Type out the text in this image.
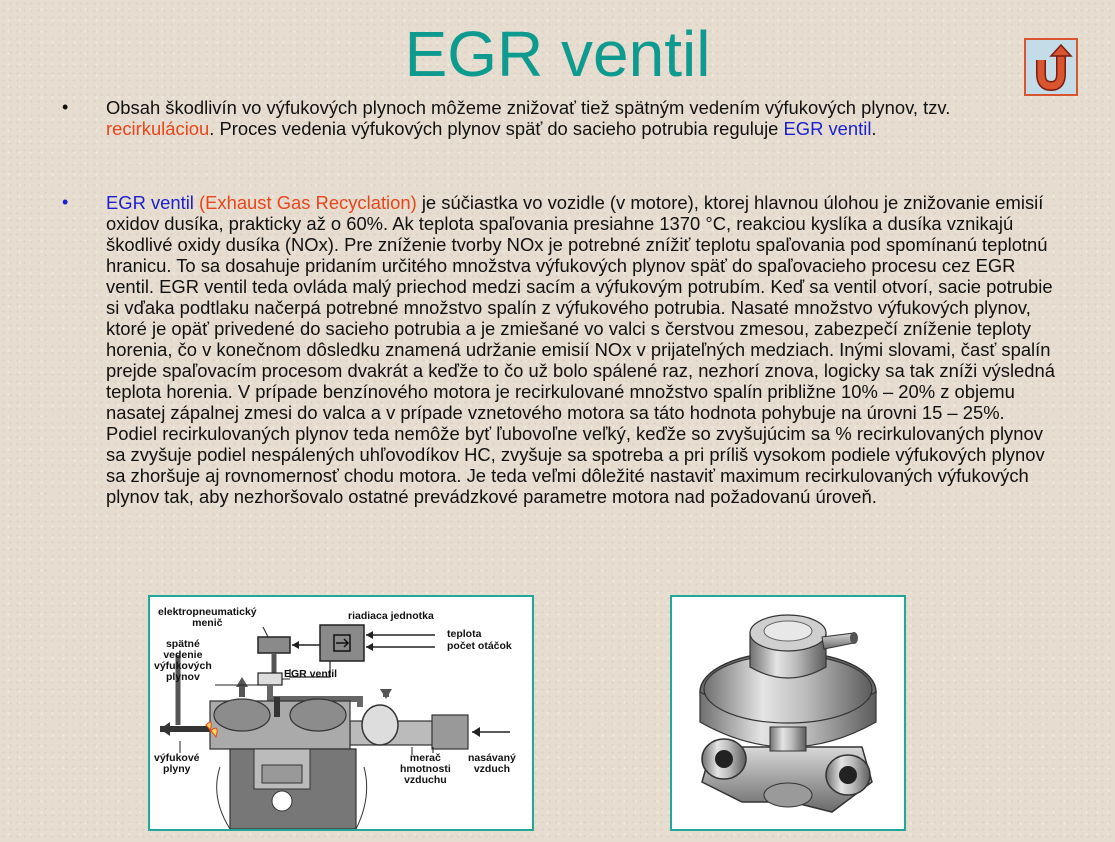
EGR ventil
• Obsah škodlivín vo výfukových plynoch môžeme znižovať tiež spätným vedením výfukových plynov, tzv. recirkuláciou. Proces vedenia výfukových plynov späť do sacieho potrubia reguluje EGR ventil.
• EGR ventil (Exhaust Gas Recyclation) je súčiastka vo vozidle (v motore), ktorej hlavnou úlohou je znižovanie emisií oxidov dusíka, prakticky až o 60%. Ak teplota spaľovania presiahne 1370 °C, reakciou kyslíka a dusíka vznikajú škodlivé oxidy dusíka (NOx). Pre zníženie tvorby NOx je potrebné znížiť teplotu spaľovania pod spomínanú teplotnú hranicu. To sa dosahuje pridaním určitého množstva výfukových plynov späť do spaľovacieho procesu cez EGR ventil. EGR ventil teda ovláda malý priechod medzi sacím a výfukovým potrubím. Keď sa ventil otvorí, sacie potrubie si vďaka podtlaku načerpá potrebné množstvo spalín z výfukového potrubia. Nasaté množstvo výfukových plynov, ktoré je opäť privedené do sacieho potrubia a je zmiešané vo valci s čerstvou zmesou, zabezpečí zníženie teploty horenia, čo v konečnom dôsledku znamená udržanie emisií NOx v prijateľných medziach. Inými slovami, časť spalín prejde spaľovacím procesom dvakrát a keďže to čo už bolo spálené raz, nezhorí znova, logicky sa tak zníži výsledná teplota horenia. V prípade benzínového motora je recirkulované množstvo spalín približne 10% – 20% z objemu nasatej zápalnej zmesi do valca a v prípade vznetového motora sa táto hodnota pohybuje na úrovni 15 – 25%. Podiel recirkulovaných plynov teda nemôže byť ľubovoľne veľký, keďže so zvyšujúcim sa % recirkulovaných plynov sa zvyšuje podiel nespálených uhľovodíkov HC, zvyšuje sa spotreba a pri príliš vysokom podiele výfukových plynov sa zhoršuje aj rovnomernosť chodu motora. Je teda veľmi dôležité nastaviť maximum recirkulovaných výfukových plynov tak, aby nezhoršovalo ostatné prevádzkové parametre motora nad požadovanú úroveň.
elektropneumatický
menič
riadiaca jednotka
teplota
počet otáčok
spätné
vedenie
výfukových
plynov	EGR ventil
výfukové
plyny
merač
hmotnosti
vzduchu
nasávaný
vzduch
